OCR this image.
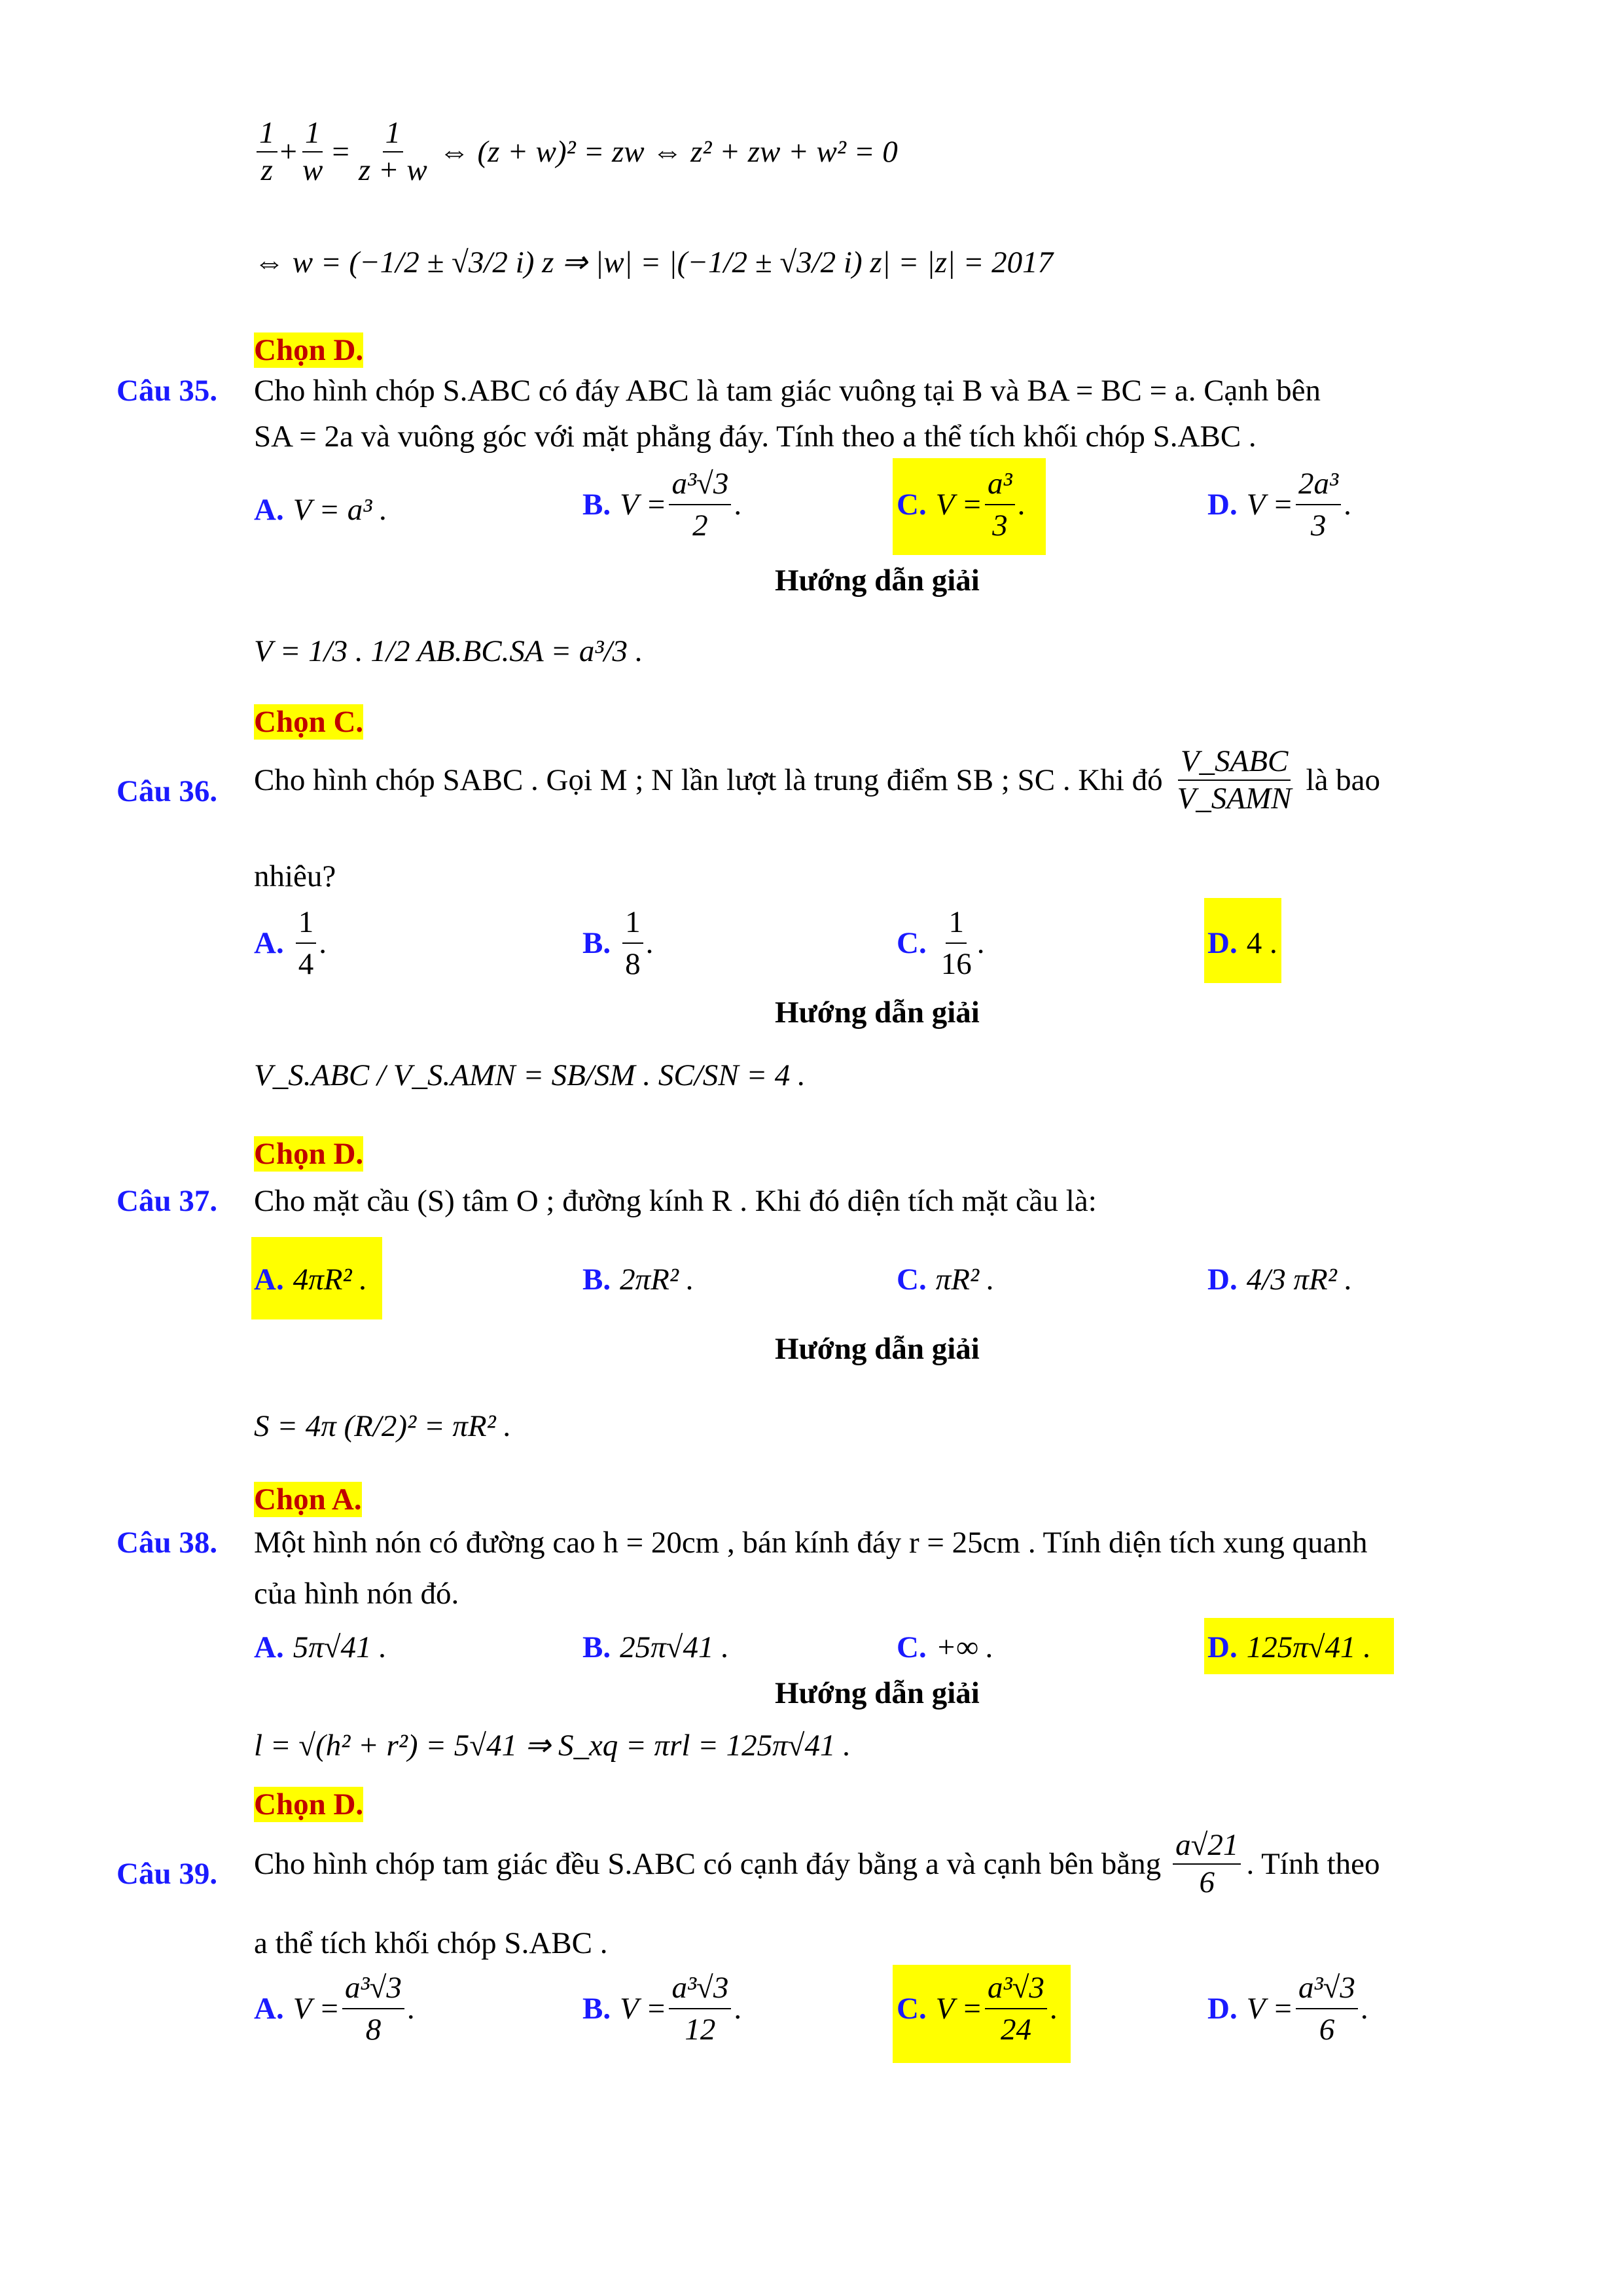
$\frac{1}{z} + \frac{1}{w} = \frac{1}{z + w}$ ⇔ (z + w)² = zw ⇔ z² + zw + w² = 0
⇔ w = (−1/2 ± √3/2 i) z ⇒ |w| = |(−1/2 ± √3/2 i) z| = |z| = 2017
Chọn D.
Câu 35. Cho hình chóp S.ABC có đáy ABC là tam giác vuông tại B và BA = BC = a. Cạnh bên
SA = 2a và vuông góc với mặt phẳng đáy. Tính theo a thể tích khối chóp S.ABC .
A. V = a³ .	B. $V = \frac{\text{a³√3}}{2}$ .	C. $V = \frac{\text{a³}}{3}$ .	D. $V = \frac{\text{2a³}}{3}$ .
Hướng dẫn giải
V = 1/3 . 1/2 AB.BC.SA = a³/3 .
Chọn C.
Câu 36. Cho hình chóp SABC . Gọi M ; N lần lượt là trung điểm SB ; SC . Khi đó $\frac{\text{V\_SABC}}{\text{V\_SAMN}}$ là bao
nhiêu?
A. $\frac{1}{4}$ .	B. $\frac{1}{8}$ .	C. $\frac{1}{16}$ .	D. 4 .
Hướng dẫn giải
V_S.ABC / V_S.AMN = SB/SM . SC/SN = 4 .
Chọn D.
Câu 37. Cho mặt cầu (S) tâm O ; đường kính R . Khi đó diện tích mặt cầu là:
A. 4πR² .	B. 2πR² .	C. πR² .	D. 4/3 πR² .
Hướng dẫn giải
S = 4π (R/2)² = πR² .
Chọn A.
Câu 38. Một hình nón có đường cao h = 20cm , bán kính đáy r = 25cm . Tính diện tích xung quanh
của hình nón đó.
A. 5π√41 .	B. 25π√41 .	C. +∞ .	D. 125π√41 .
Hướng dẫn giải
l = √(h² + r²) = 5√41 ⇒ S_xq = πrl = 125π√41 .
Chọn D.
Câu 39. Cho hình chóp tam giác đều S.ABC có cạnh đáy bằng a và cạnh bên bằng $\frac{a√21}{6}$ . Tính theo
a thể tích khối chóp S.ABC .
A. $V = \frac{\text{a³√3}}{8}$ .	B. $V = \frac{\text{a³√3}}{12}$ .	C. $V = \frac{\text{a³√3}}{24}$ .	D. $V = \frac{\text{a³√3}}{6}$ .
